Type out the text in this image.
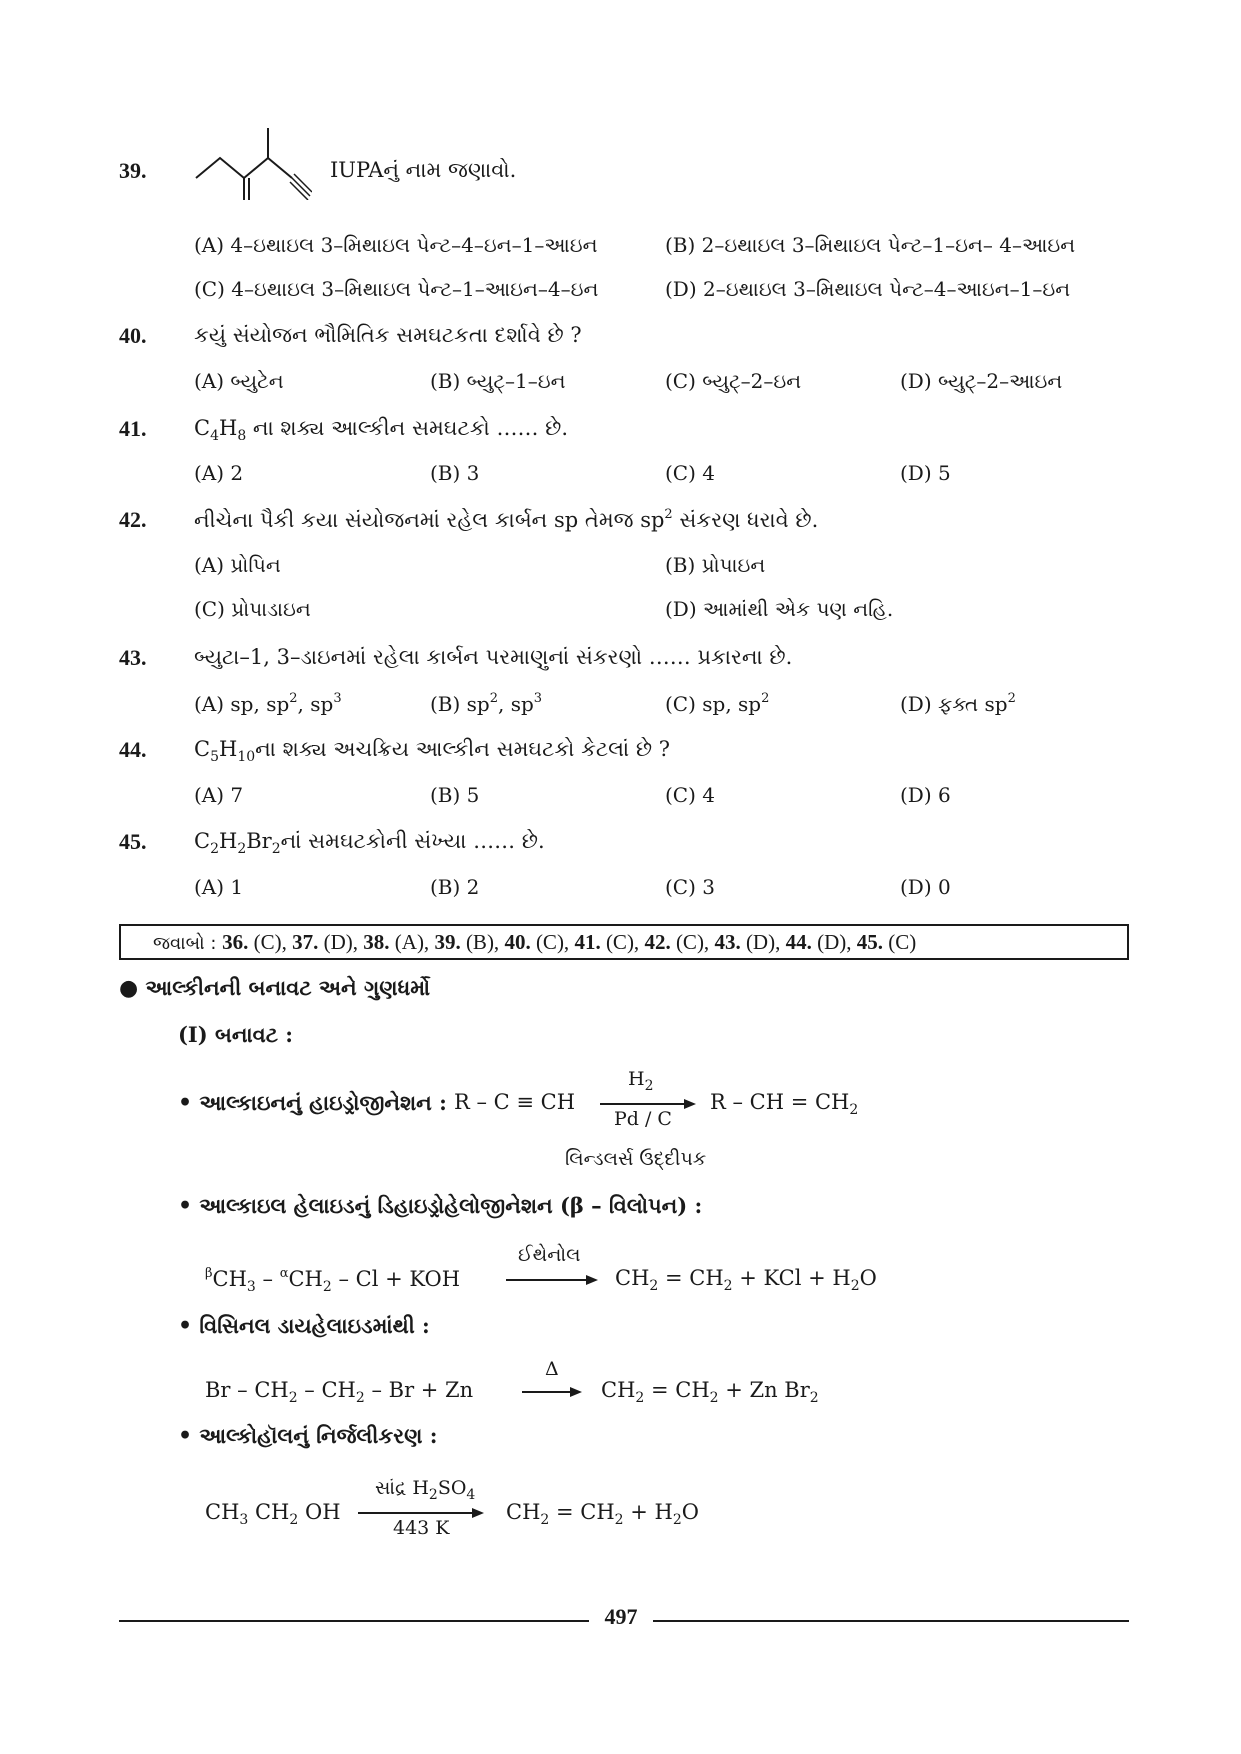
39.	IUPAનું નામ જણાવો.
(A) 4–ઇથાઇલ 3–મિથાઇલ પેન્ટ–4–ઇન–1–આઇન	(B) 2–ઇથાઇલ 3–મિથાઇલ પેન્ટ–1–ઇન– 4–આઇન
(C) 4–ઇથાઇલ 3–મિથાઇલ પેન્ટ–1–આઇન–4–ઇન	(D) 2–ઇથાઇલ 3–મિથાઇલ પેન્ટ–4–આઇન–1–ઇન
40. કયું સંયોજન ભૌમિતિક સમઘટકતા દર્શાવે છે ?
(A) બ્યુટેન	(B) બ્યુટ્–1–ઇન	(C) બ્યુટ્–2–ઇન	(D) બ્યુટ્–2–આઇન
41. $C_4H_8$ ના શક્ય આલ્કીન સમઘટકો …… છે.
(A) 2	(B) 3	(C) 4	(D) 5
42. નીચેના પૈકી કયા સંયોજનમાં રહેલ કાર્બન sp તેમજ $sp^2$ સંકરણ ધરાવે છે.
(A) પ્રોપિન	(B) પ્રોપાઇન
(C) પ્રોપાડાઇન	(D) આમાંથી એક પણ નહિ.
43. બ્યુટા–1, 3–ડાઇનમાં રહેલા કાર્બન પરમાણુનાં સંકરણો …… પ્રકારના છે.
(A) sp, $sp^2$, $sp^3$	(B) $sp^2$, $sp^3$	(C) sp, $sp^2$	(D) ફક્ત $sp^2$
44. $C_5H_{10}ના$ શક્ય અચક્રિય આલ્કીન સમઘટકો કેટલાં છે ?
(A) 7	(B) 5	(C) 4	(D) 6
45. $C_2H_2Br_2નાં$ સમઘટકોની સંખ્યા …… છે.
(A) 1	(B) 2	(C) 3	(D) 0
જવાબો : 36. (C), 37. (D), 38. (A), 39. (B), 40. (C), 41. (C), 42. (C), 43. (D), 44. (D), 45. (C)
● આલ્કીનની બનાવટ અને ગુણધર્મો
(I) બનાવટ :
• આલ્કાઇનનું હાઇડ્રોજીનેશન : R – C ≡ CH
$H_2$
Pd / C
R – CH = $CH_2$
લિન્ડલર્સ ઉદ્દીપક
• આલ્કાઇલ હેલાઇડનું ડિહાઇડ્રોહેલોજીનેશન (β – વિલોપન) :
$^\beta CH_3 - ^\alpha CH_2$ – Cl + KOH
ઈથેનોલ
$CH_2 = CH_2$ + KCl + $H_2O$
• વિસિનલ ડાયહેલાઇડમાંથી :
$Br - CH_2 - CH_2 - Br + Zn$
Δ
→ $CH_2 = CH_2 + Zn$ $Br_2$
• આલ્કોહૉલનું નિર્જલીકરણ :
$CH_3$ $CH_2$ OH
સાંદ્ર $H_2SO_4$
443 K
$CH_2 = CH_2 + H_2O$
497
